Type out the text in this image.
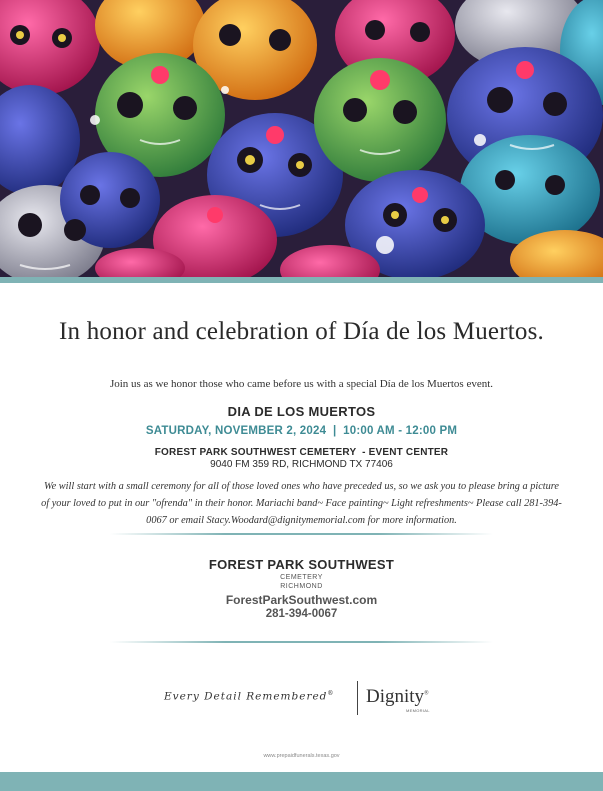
In honor and celebration of Día de los Muertos.
Join us as we honor those who came before us with a special Día de los Muertos event.
DIA DE LOS MUERTOS
SATURDAY, NOVEMBER 2, 2024  |  10:00 AM - 12:00 PM
FOREST PARK SOUTHWEST CEMETERY  - EVENT CENTER
9040 FM 359 RD, RICHMOND TX 77406
We will start with a small ceremony for all of those loved ones who have preceded us, so we ask you to please bring a picture of your loved to put in our "ofrenda" in their honor. Mariachi band~ Face painting~ Light refreshments~ Please call 281-394-0067 or email Stacy.Woodard@dignitymemorial.com for more information.
FOREST PARK SOUTHWEST
CEMETERY
RICHMOND
ForestParkSouthwest.com
281-394-0067
Every Detail Remembered®	Dignity®
MEMORIAL
www.prepaidfunerals.texas.gov
